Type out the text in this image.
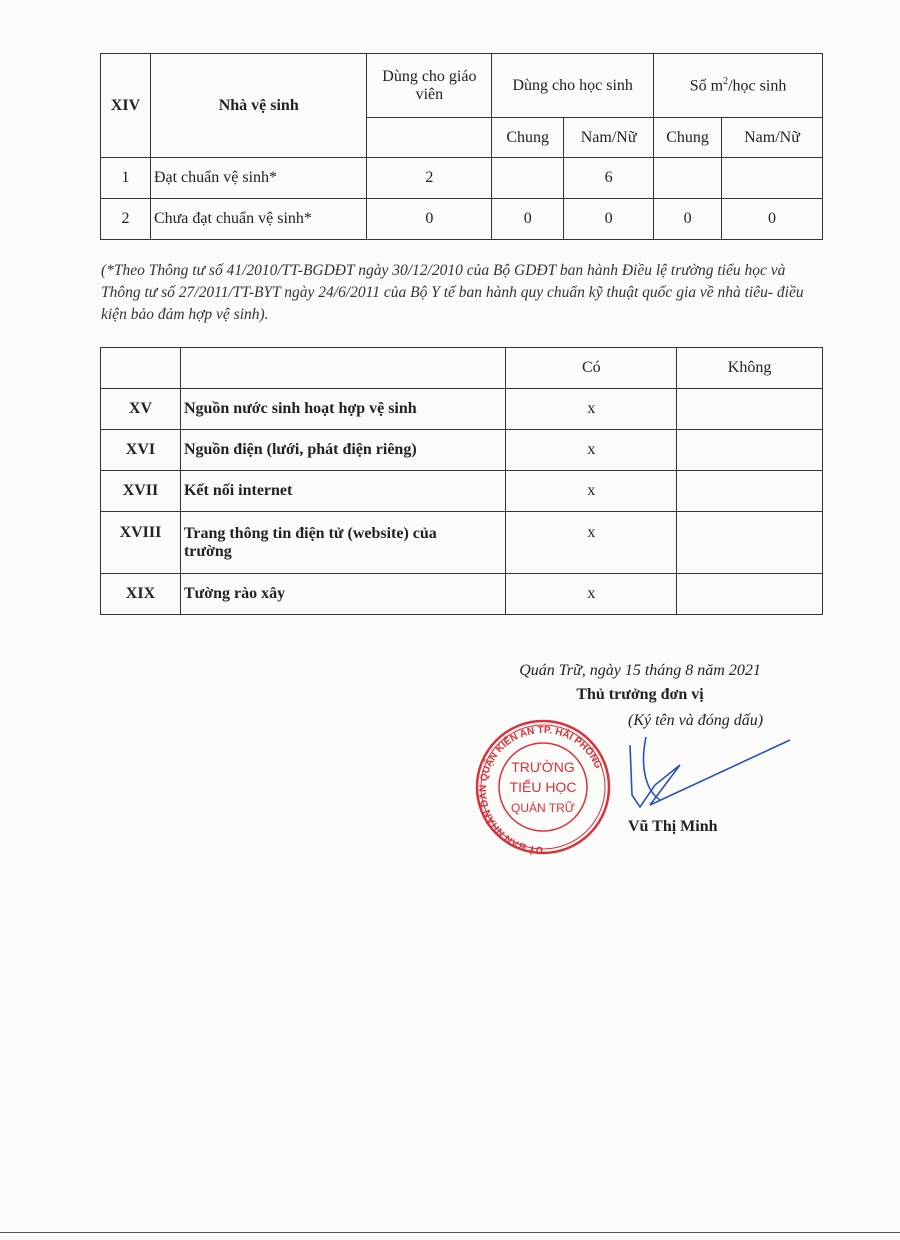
XIV	Nhà vệ sinh	Dùng cho giáo viên	Dùng cho học sinh		Số $m^2$/học sinh	
			Chung	Nam/Nữ	Chung	Nam/Nữ
1	Đạt chuẩn vệ sinh*	2		6		
2	Chưa đạt chuẩn vệ sinh*	0	0	0	0	0
(*Theo Thông tư số 41/2010/TT-BGDĐT ngày 30/12/2010 của Bộ GDĐT ban hành Điều lệ trường tiểu học và Thông tư số 27/2011/TT-BYT ngày 24/6/2011 của Bộ Y tế ban hành quy chuẩn kỹ thuật quốc gia về nhà tiêu- điều kiện bảo đảm hợp vệ sinh).
		Có	Không
XV	Nguồn nước sinh hoạt hợp vệ sinh	x	
XVI	Nguồn điện (lưới, phát điện riêng)	x	
XVII	Kết nối internet	x	
XVIII	Trang thông tin điện tử (website) của trường	x	
XIX	Tường rào xây	x	
UỶ BAN NHÂN DÂN QUẬN KIẾN AN TP. HẢI PHÒNG
TRƯỜNG
TIỂU HỌC
QUÁN TRỮ
Quán Trữ, ngày 15 tháng 8 năm 2021
Thủ trưởng đơn vị
(Ký tên và đóng dấu)
Vũ Thị Minh
